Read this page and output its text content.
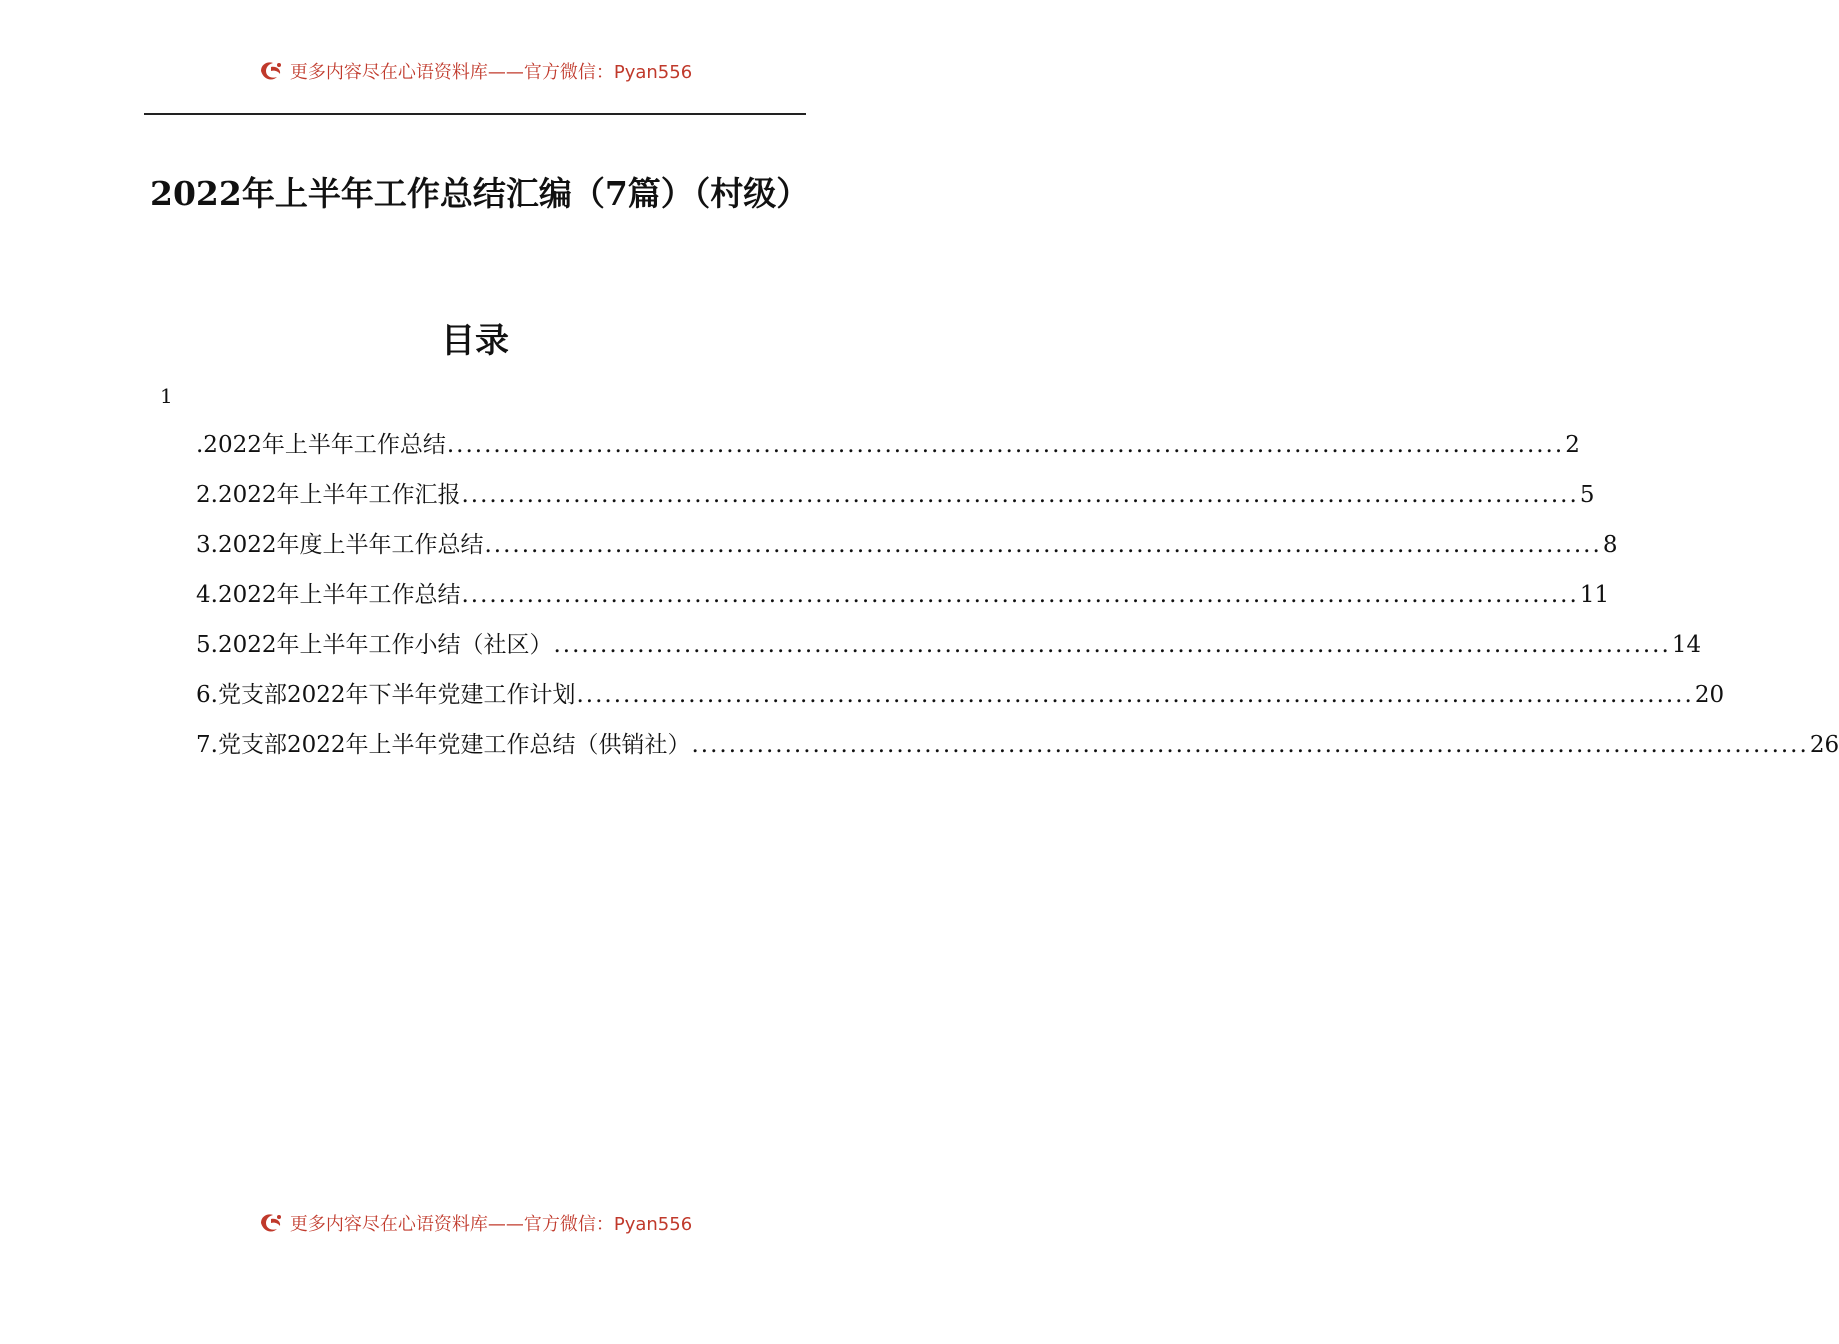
更多内容尽在心语资料库——官方微信：Pyan556
2022年上半年工作总结汇编（7篇）（村级）
目录
1
.2022年上半年工作总结 ........................................................................................................................ 2
2.2022年上半年工作汇报 ........................................................................................................................ 5
3.2022年度上半年工作总结 ........................................................................................................................ 8
4.2022年上半年工作总结 ........................................................................................................................ 11
5.2022年上半年工作小结（社区） ........................................................................................................................ 14
6.党支部2022年下半年党建工作计划 ........................................................................................................................ 20
7.党支部2022年上半年党建工作总结（供销社） ........................................................................................................................ 26
更多内容尽在心语资料库——官方微信：Pyan556
